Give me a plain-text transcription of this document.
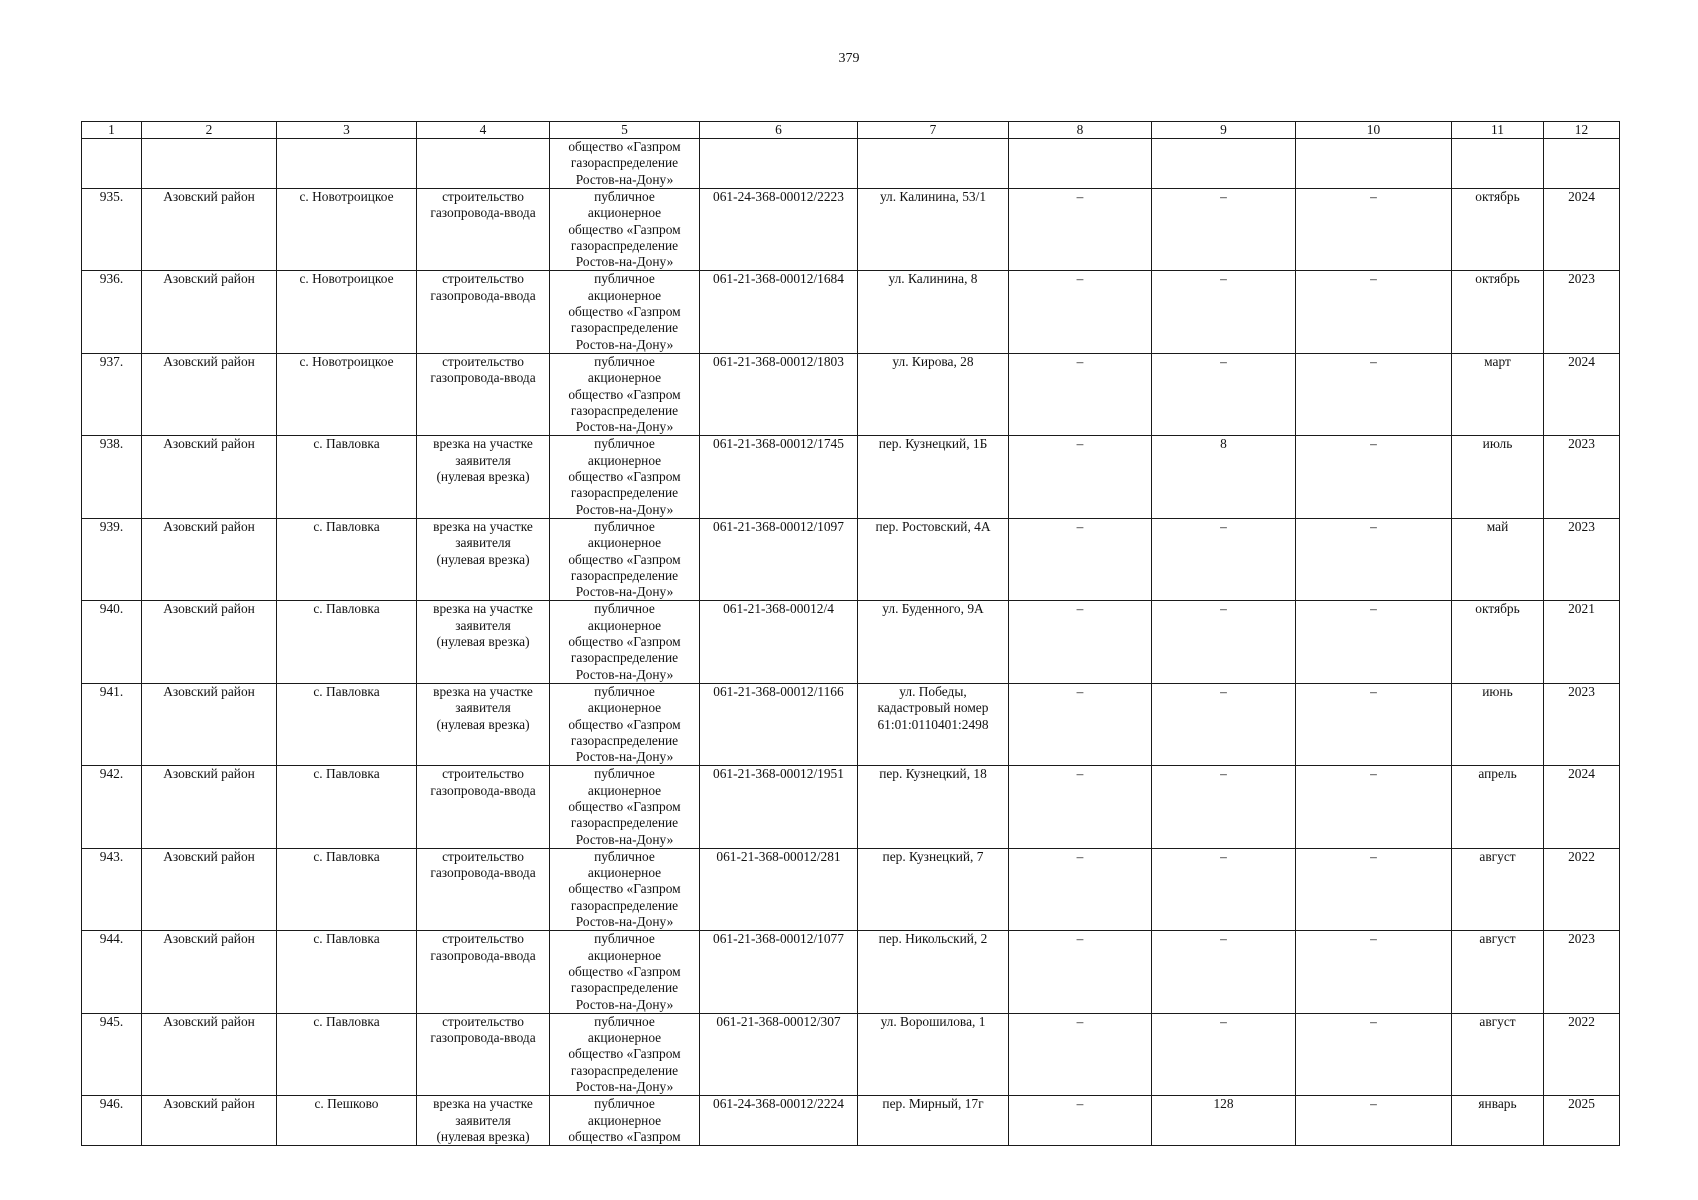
379
1	2	3	4	5	6	7	8	9	10	11	12

				общество «Газпром
газораспределение
Ростов-на-Дону»							

935.	Азовский район	с. Новотроицкое	строительство
газопровода-ввода	публичное
акционерное
общество «Газпром
газораспределение
Ростов-на-Дону»	061-24-368-00012/2223	ул. Калинина, 53/1	–	–	–	октябрь	2024

936.	Азовский район	с. Новотроицкое	строительство
газопровода-ввода	публичное
акционерное
общество «Газпром
газораспределение
Ростов-на-Дону»	061-21-368-00012/1684	ул. Калинина, 8	–	–	–	октябрь	2023

937.	Азовский район	с. Новотроицкое	строительство
газопровода-ввода	публичное
акционерное
общество «Газпром
газораспределение
Ростов-на-Дону»	061-21-368-00012/1803	ул. Кирова, 28	–	–	–	март	2024

938.	Азовский район	с. Павловка	врезка на участке
заявителя
(нулевая врезка)	публичное
акционерное
общество «Газпром
газораспределение
Ростов-на-Дону»	061-21-368-00012/1745	пер. Кузнецкий, 1Б	–	8	–	июль	2023

939.	Азовский район	с. Павловка	врезка на участке
заявителя
(нулевая врезка)	публичное
акционерное
общество «Газпром
газораспределение
Ростов-на-Дону»	061-21-368-00012/1097	пер. Ростовский, 4А	–	–	–	май	2023

940.	Азовский район	с. Павловка	врезка на участке
заявителя
(нулевая врезка)	публичное
акционерное
общество «Газпром
газораспределение
Ростов-на-Дону»	061-21-368-00012/4	ул. Буденного, 9А	–	–	–	октябрь	2021

941.	Азовский район	с. Павловка	врезка на участке
заявителя
(нулевая врезка)	публичное
акционерное
общество «Газпром
газораспределение
Ростов-на-Дону»	061-21-368-00012/1166	ул. Победы,
кадастровый номер
61:01:0110401:2498	–	–	–	июнь	2023

942.	Азовский район	с. Павловка	строительство
газопровода-ввода	публичное
акционерное
общество «Газпром
газораспределение
Ростов-на-Дону»	061-21-368-00012/1951	пер. Кузнецкий, 18	–	–	–	апрель	2024

943.	Азовский район	с. Павловка	строительство
газопровода-ввода	публичное
акционерное
общество «Газпром
газораспределение
Ростов-на-Дону»	061-21-368-00012/281	пер. Кузнецкий, 7	–	–	–	август	2022

944.	Азовский район	с. Павловка	строительство
газопровода-ввода	публичное
акционерное
общество «Газпром
газораспределение
Ростов-на-Дону»	061-21-368-00012/1077	пер. Никольский, 2	–	–	–	август	2023

945.	Азовский район	с. Павловка	строительство
газопровода-ввода	публичное
акционерное
общество «Газпром
газораспределение
Ростов-на-Дону»	061-21-368-00012/307	ул. Ворошилова, 1	–	–	–	август	2022

946.	Азовский район	с. Пешково	врезка на участке
заявителя
(нулевая врезка)	публичное
акционерное
общество «Газпром	061-24-368-00012/2224	пер. Мирный, 17г	–	128	–	январь	2025
